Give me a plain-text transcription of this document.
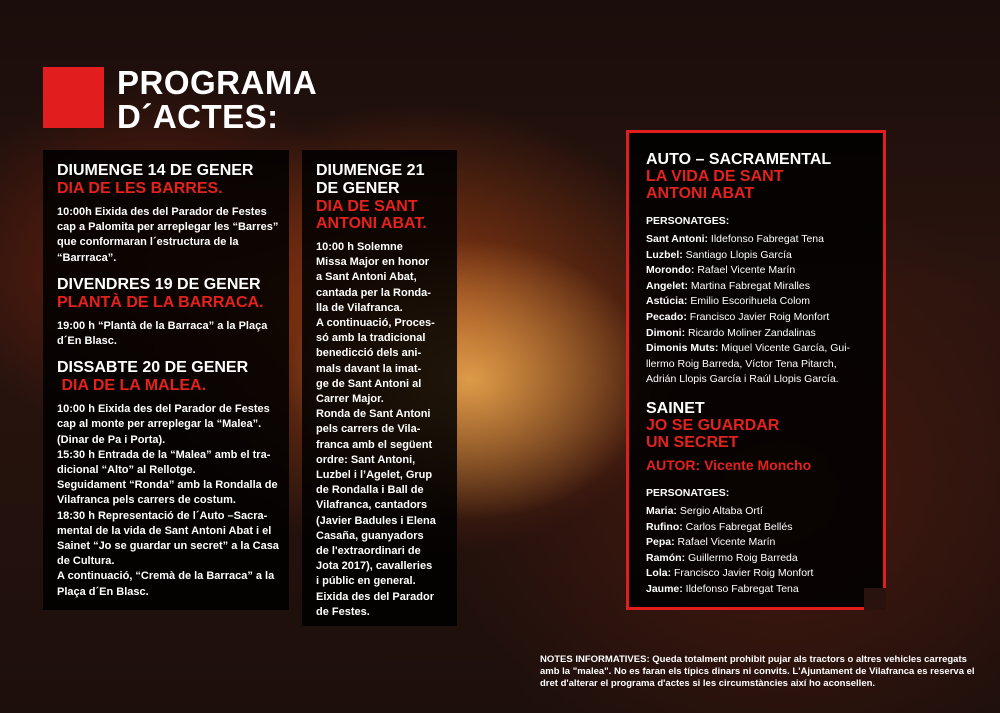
PROGRAMA
D´ACTES:
DIUMENGE 14 DE GENER
DIA DE LES BARRES.
10:00h Eixida des del Parador de Festes
cap a Palomita per arreplegar les “Barres”
que conformaran l´estructura de la
“Barrraca”.
DIVENDRES 19 DE GENER
PLANTÀ DE LA BARRACA.
19:00 h “Plantà de la Barraca” a la Plaça
d´En Blasc.
DISSABTE 20 DE GENER
DIA DE LA MALEA.
10:00 h Eixida des del Parador de Festes
cap al monte per arreplegar la “Malea”.
(Dinar de Pa i Porta).
15:30 h Entrada de la “Malea” amb el tra-
dicional “Alto” al Rellotge.
Seguidament “Ronda” amb la Rondalla de
Vilafranca pels carrers de costum.
18:30 h Representació de l´Auto –Sacra-
mental de la vida de Sant Antoni Abat i el
Sainet “Jo se guardar un secret” a la Casa
de Cultura.
A continuació, “Cremà de la Barraca” a la
Plaça d´En Blasc.
DIUMENGE 21
DE GENER
DIA DE SANT
ANTONI ABAT.
10:00 h Solemne
Missa Major en honor
a Sant Antoni Abat,
cantada per la Ronda-
lla de Vilafranca.
A continuació, Proces-
só amb la tradicional
benedicció dels ani-
mals davant la imat-
ge de Sant Antoni al
Carrer Major.
Ronda de Sant Antoni
pels carrers de Vila-
franca amb el següent
ordre: Sant Antoni,
Luzbel i l’Agelet, Grup
de Rondalla i Ball de
Vilafranca, cantadors
(Javier Badules i Elena
Casaña, guanyadors
de l'extraordinari de
Jota 2017), cavalleries
i públic en general.
Eixida des del Parador
de Festes.
AUTO – SACRAMENTAL
LA VIDA DE SANT
ANTONI ABAT
PERSONATGES:
Sant Antoni: Ildefonso Fabregat Tena
Luzbel: Santiago Llopis García
Morondo: Rafael Vicente Marín
Angelet: Martina Fabregat Miralles
Astúcia: Emilio Escorihuela Colom
Pecado: Francisco Javier Roig Monfort
Dimoni: Ricardo Moliner Zandalinas
Dimonis Muts: Miquel Vicente García, Gui-
llermo Roig Barreda, Víctor Tena Pitarch,
Adrián Llopis García i Raúl Llopis García.
SAINET
JO SE GUARDAR
UN SECRET
AUTOR: Vicente Moncho
PERSONATGES:
Maria: Sergio Altaba Ortí
Rufino: Carlos Fabregat Bellés
Pepa: Rafael Vicente Marín
Ramón: Guillermo Roig Barreda
Lola: Francisco Javier Roig Monfort
Jaume: Ildefonso Fabregat Tena
NOTES INFORMATIVES: Queda totalment prohibit pujar als tractors o altres vehicles carregats amb la "malea". No es faran els típics dinars ni convits. L'Ajuntament de Vilafranca es reserva el dret d'alterar el programa d'actes si les circumstàncies així ho aconsellen.
